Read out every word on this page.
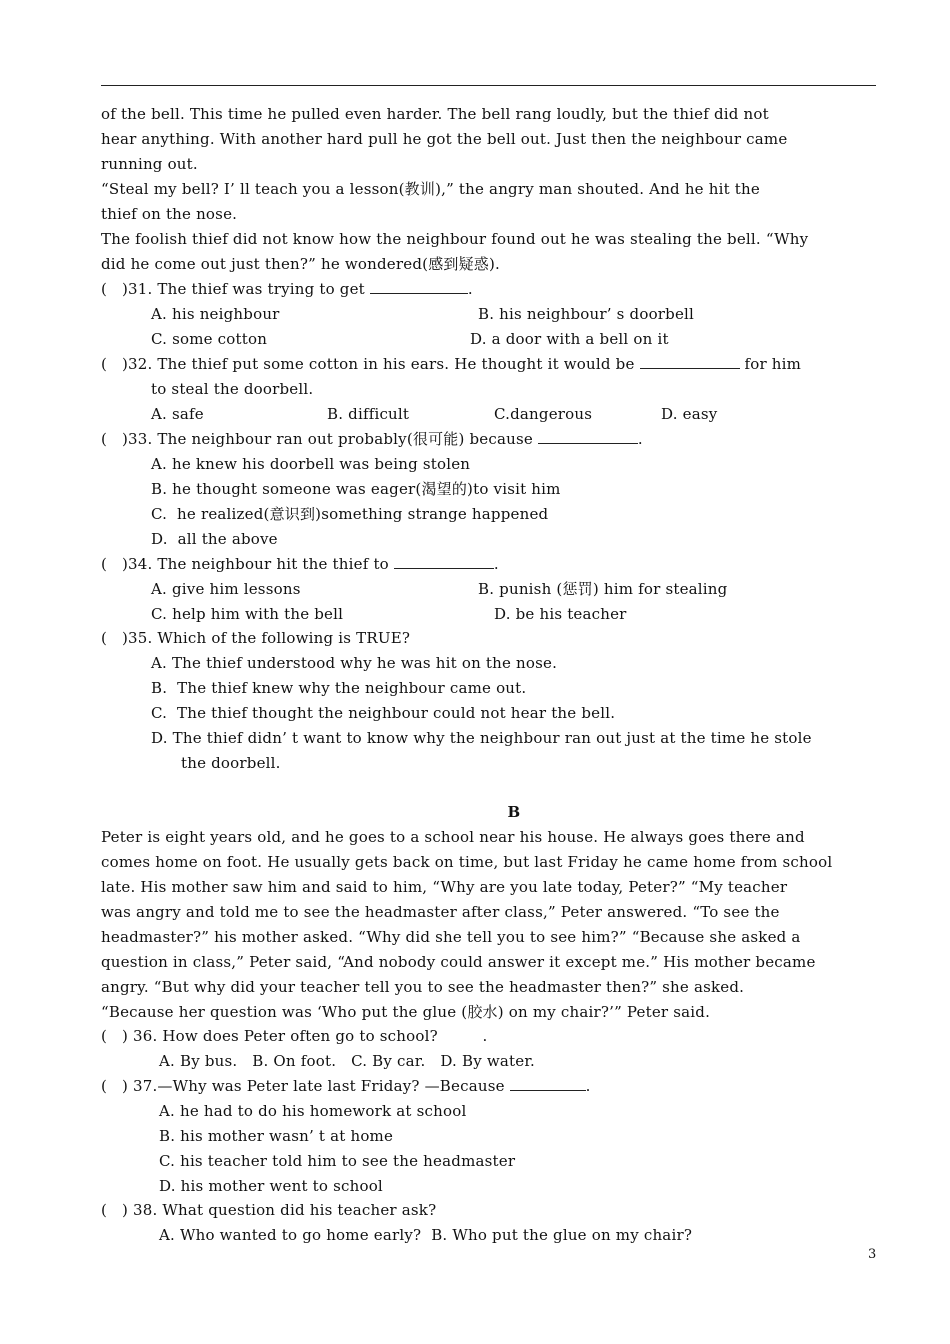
of the bell. This time he pulled even harder. The bell rang loudly, but the thief did not
hear anything. With another hard pull he got the bell out. Just then the neighbour came
running out.
“Steal my bell? I’ ll teach you a lesson(教训),” the angry man shouted. And he hit the
thief on the nose.
The foolish thief did not know how the neighbour found out he was stealing the bell. “Why
did he come out just then?” he wondered(感到疑惑).
(   )31. The thief was trying to get	.
A. his neighbour	B. his neighbour’ s doorbell
C. some cotton	D. a door with a bell on it
(   )32. The thief put some cotton in his ears. He thought it would be	for him
to steal the doorbell.
A. safe	B. difficult	C.dangerous	D. easy
(   )33. The neighbour ran out probably(很可能) because	.
A. he knew his doorbell was being stolen
B. he thought someone was eager(渴望的)to visit him
C.  he realized(意识到)something strange happened
D.  all the above
(   )34. The neighbour hit the thief to	.
A. give him lessons	B. punish (惩罚) him for stealing
C. help him with the bell	D. be his teacher
(   )35. Which of the following is TRUE?
A. The thief understood why he was hit on the nose.
B.  The thief knew why the neighbour came out.
C.  The thief thought the neighbour could not hear the bell.
D. The thief didn’ t want to know why the neighbour ran out just at the time he stole
the doorbell.
B
Peter is eight years old, and he goes to a school near his house. He always goes there and
comes home on foot. He usually gets back on time, but last Friday he came home from school
late. His mother saw him and said to him, “Why are you late today, Peter?” “My teacher
was angry and told me to see the headmaster after class,” Peter answered. “To see the
headmaster?” his mother asked. “Why did she tell you to see him?” “Because she asked a
question in class,” Peter said, “And nobody could answer it except me.” His mother became
angry. “But why did your teacher tell you to see the headmaster then?” she asked.
“Because her question was ‘Who put the glue (胶水) on my chair?’” Peter said.
(   ) 36. How does Peter often go to school?         .
A. By bus.   B. On foot.   C. By car.   D. By water.
(   ) 37.—Why was Peter late last Friday? —Because	.
A. he had to do his homework at school
B. his mother wasn’ t at home
C. his teacher told him to see the headmaster
D. his mother went to school
(   ) 38. What question did his teacher ask?
A. Who wanted to go home early?  B. Who put the glue on my chair?
3
